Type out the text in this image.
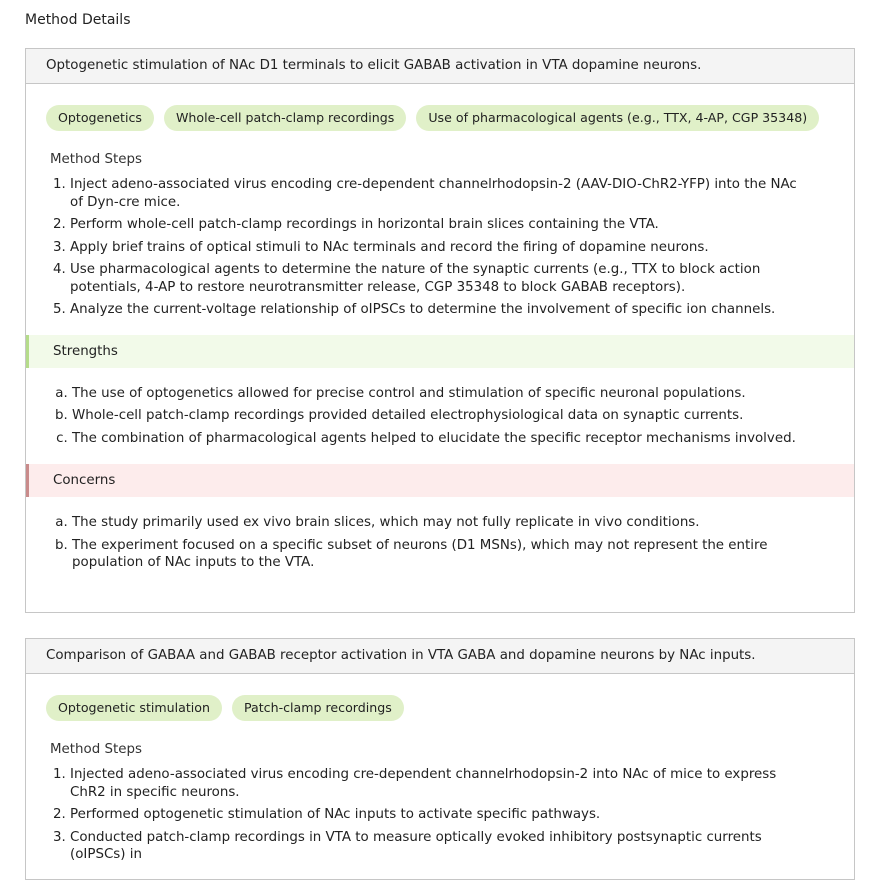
Method Details
Optogenetic stimulation of NAc D1 terminals to elicit GABAB activation in VTA dopamine neurons.
Optogenetics	Whole-cell patch-clamp recordings	Use of pharmacological agents (e.g., TTX, 4-AP, CGP 35348)
Method Steps
1. Inject adeno-associated virus encoding cre-dependent channelrhodopsin-2 (AAV-DIO-ChR2-YFP) into the NAc of Dyn-cre mice.
2. Perform whole-cell patch-clamp recordings in horizontal brain slices containing the VTA.
3. Apply brief trains of optical stimuli to NAc terminals and record the firing of dopamine neurons.
4. Use pharmacological agents to determine the nature of the synaptic currents (e.g., TTX to block action potentials, 4-AP to restore neurotransmitter release, CGP 35348 to block GABAB receptors).
5. Analyze the current-voltage relationship of oIPSCs to determine the involvement of specific ion channels.
Strengths
a. The use of optogenetics allowed for precise control and stimulation of specific neuronal populations.
b. Whole-cell patch-clamp recordings provided detailed electrophysiological data on synaptic currents.
c. The combination of pharmacological agents helped to elucidate the specific receptor mechanisms involved.
Concerns
a. The study primarily used ex vivo brain slices, which may not fully replicate in vivo conditions.
b. The experiment focused on a specific subset of neurons (D1 MSNs), which may not represent the entire population of NAc inputs to the VTA.
Comparison of GABAA and GABAB receptor activation in VTA GABA and dopamine neurons by NAc inputs.
Optogenetic stimulation	Patch-clamp recordings
Method Steps
1. Injected adeno-associated virus encoding cre-dependent channelrhodopsin-2 into NAc of mice to express ChR2 in specific neurons.
2. Performed optogenetic stimulation of NAc inputs to activate specific pathways.
3. Conducted patch-clamp recordings in VTA to measure optically evoked inhibitory postsynaptic currents (oIPSCs) in
